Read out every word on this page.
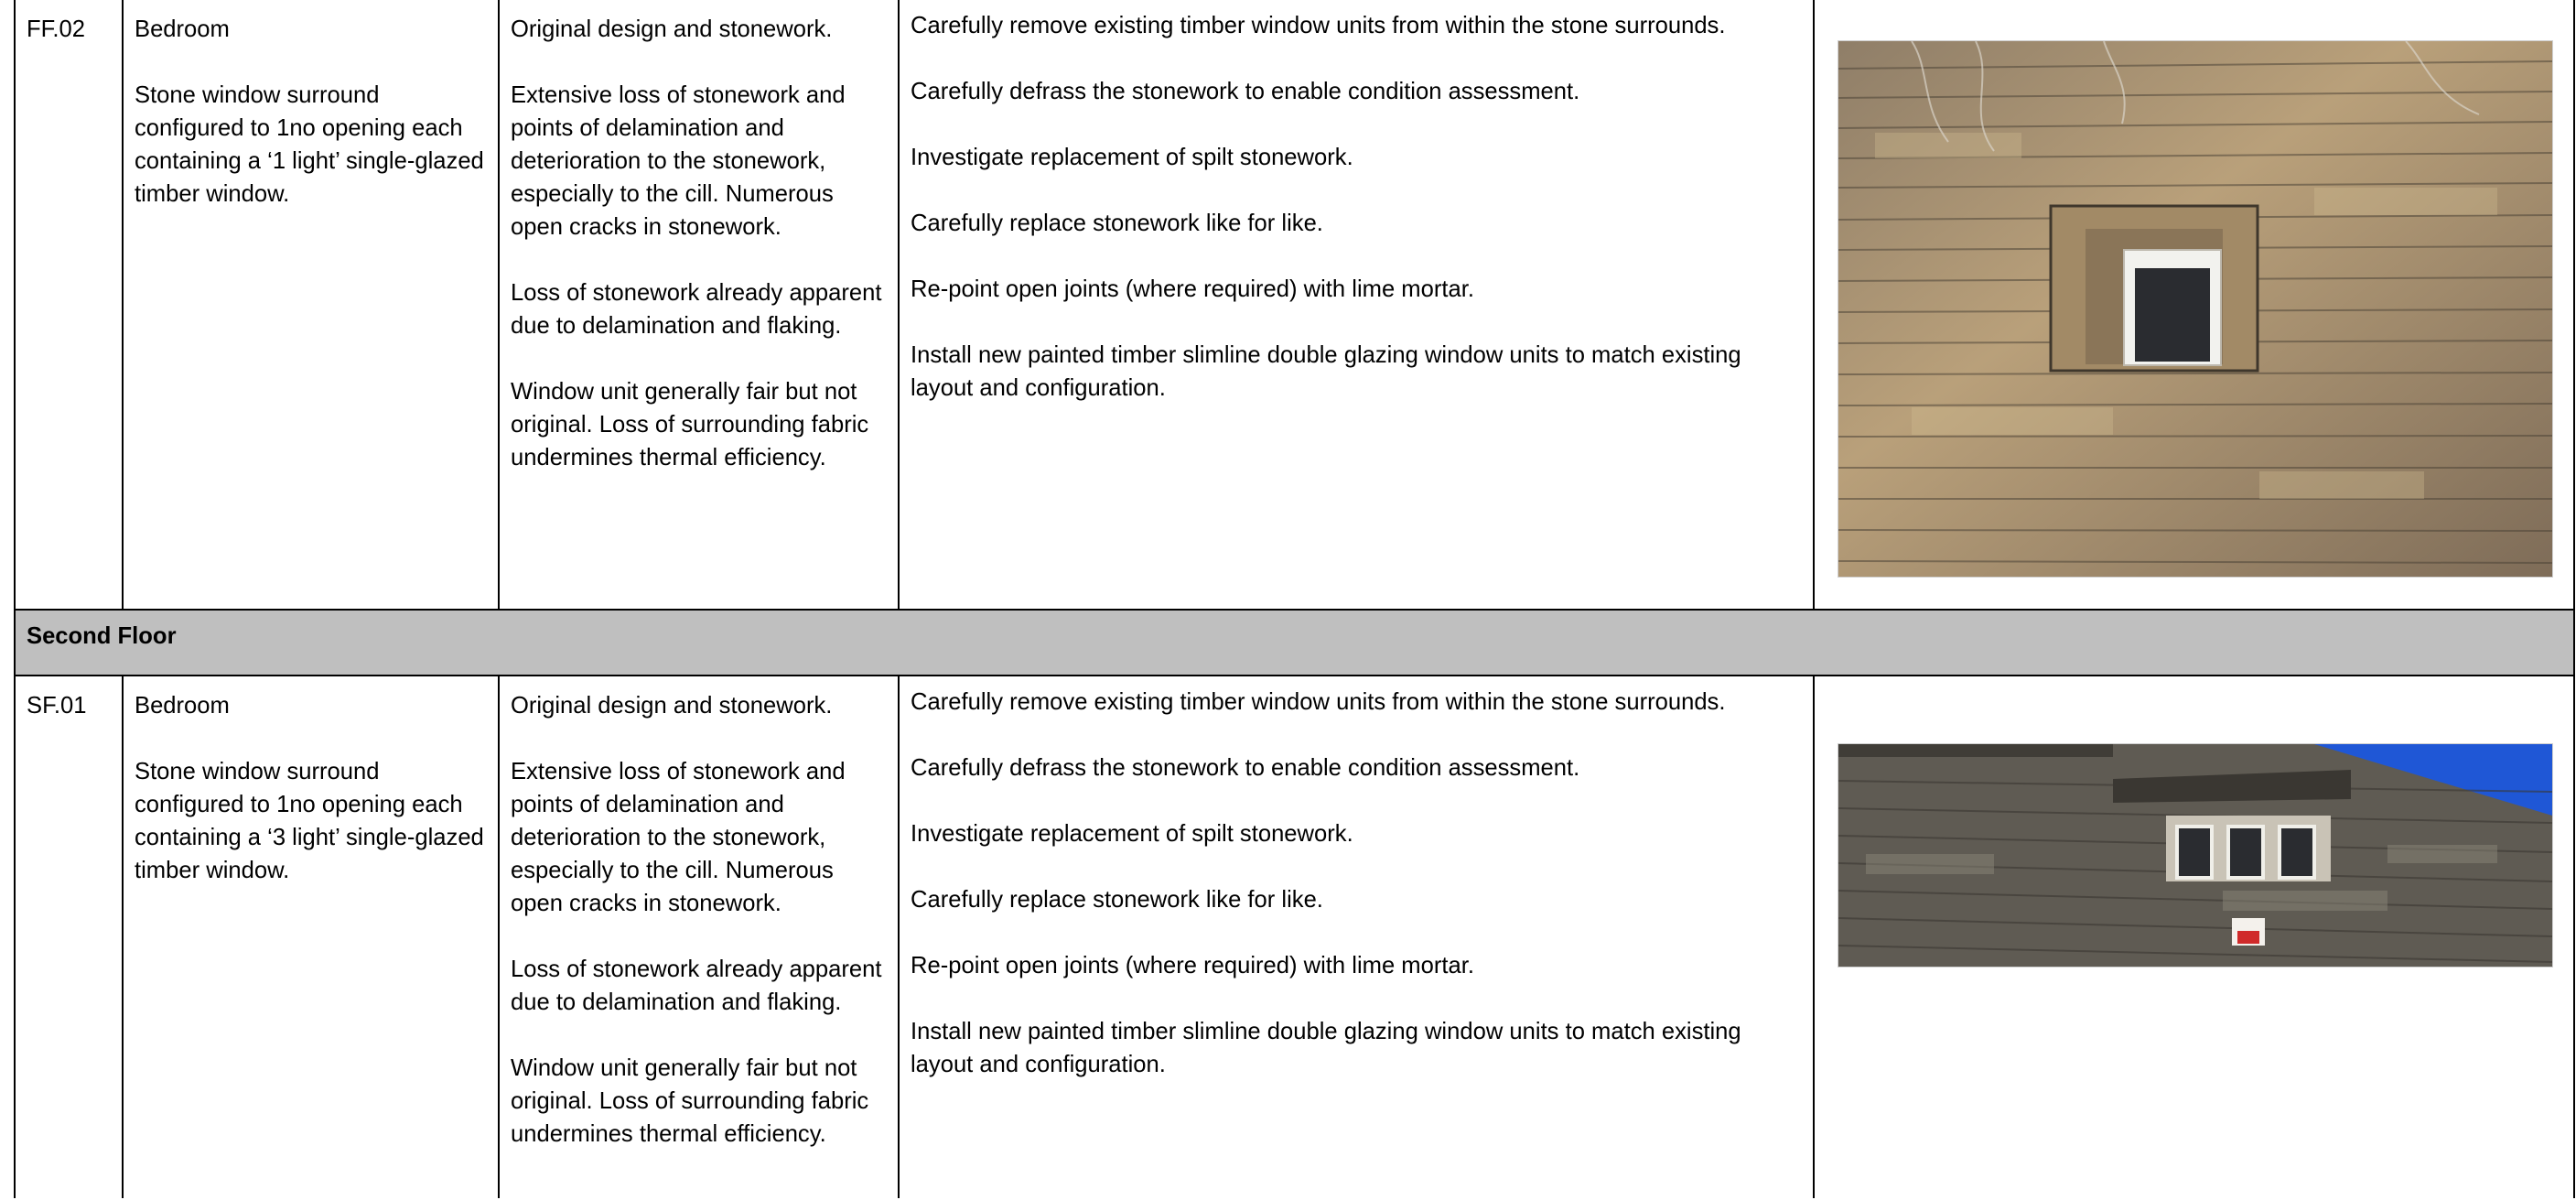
FF.02	Bedroom
Stone window surround configured to 1no opening each containing a ‘1 light’ single-glazed timber window.
Original design and stonework.
Extensive loss of stonework and points of delamination and deterioration to the stonework, especially to the cill. Numerous open cracks in stonework.
Loss of stonework already apparent due to delamination and flaking.
Window unit generally fair but not original. Loss of surrounding fabric undermines thermal efficiency.
Carefully remove existing timber window units from within the stone surrounds.
Carefully defrass the stonework to enable condition assessment.
Investigate replacement of spilt stonework.
Carefully replace stonework like for like.
Re-point open joints (where required) with lime mortar.
Install new painted timber slimline double glazing window units to match existing layout and configuration.
Second Floor
SF.01	Bedroom
Stone window surround configured to 1no opening each containing a ‘3 light’ single-glazed timber window.
Original design and stonework.
Extensive loss of stonework and points of delamination and deterioration to the stonework, especially to the cill. Numerous open cracks in stonework.
Loss of stonework already apparent due to delamination and flaking.
Window unit generally fair but not original. Loss of surrounding fabric undermines thermal efficiency.
Carefully remove existing timber window units from within the stone surrounds.
Carefully defrass the stonework to enable condition assessment.
Investigate replacement of spilt stonework.
Carefully replace stonework like for like.
Re-point open joints (where required) with lime mortar.
Install new painted timber slimline double glazing window units to match existing layout and configuration.
